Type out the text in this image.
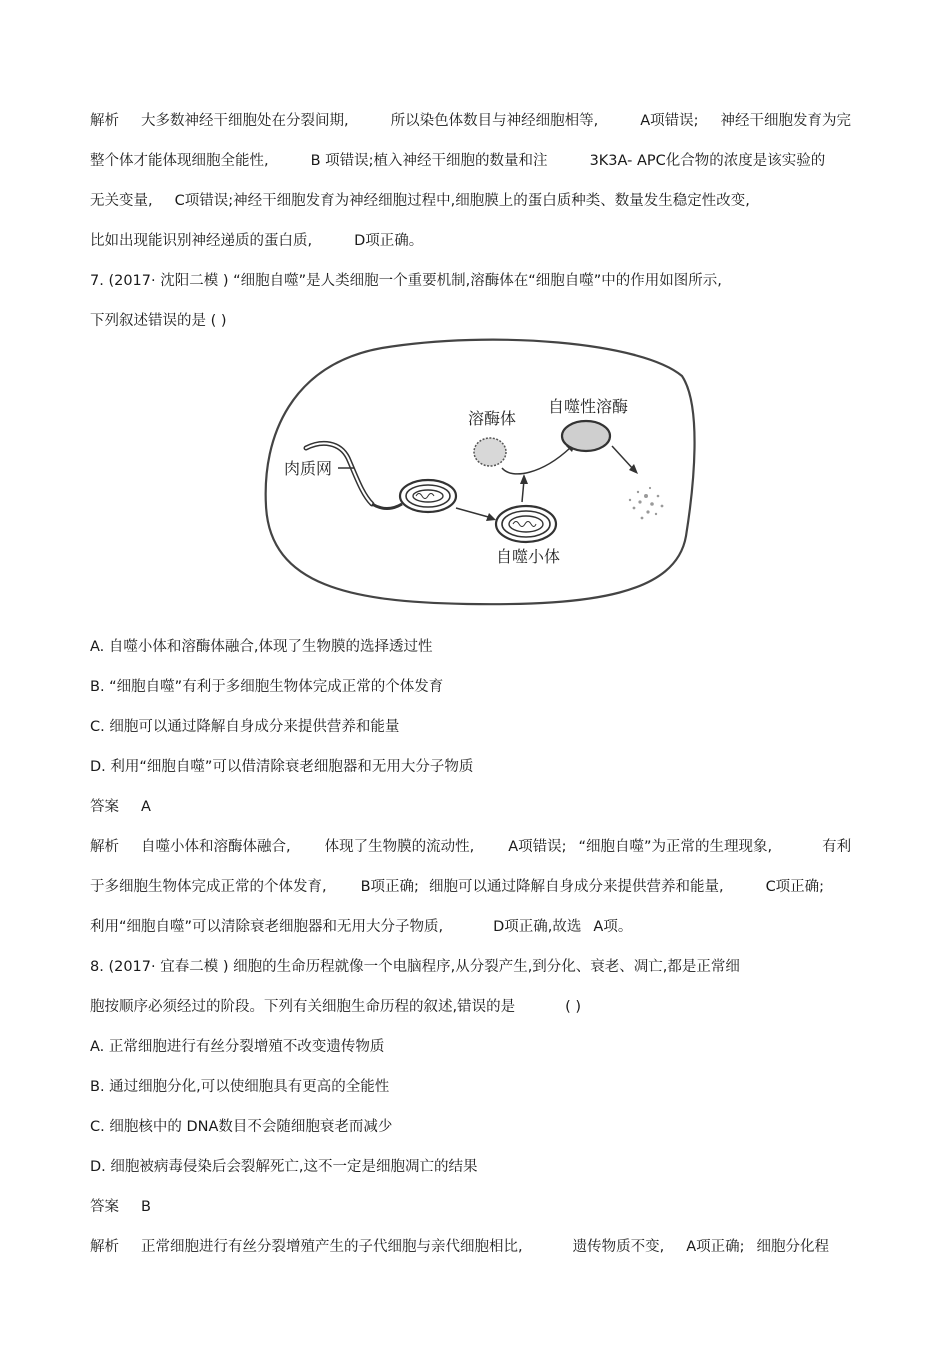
解析 大多数神经干细胞处在分裂间期,	所以染色体数目与神经细胞相等,	A项错误; 神经干细胞发育为完
整个体才能体现细胞全能性,	B 项错误;植入神经干细胞的数量和注	3K3A- APC化合物的浓度是该实验的
无关变量, C项错误;神经干细胞发育为神经细胞过程中,细胞膜上的蛋白质种类、数量发生稳定性改变,
比如出现能识别神经递质的蛋白质,	D项正确。
7. (2017· 沈阳二模 ) “细胞自噬”是人类细胞一个重要机制,溶酶体在“细胞自噬”中的作用如图所示,
下列叙述错误的是 ( )
溶酶体
自噬性溶酶
肉质网
自噬小体
A. 自噬小体和溶酶体融合,体现了生物膜的选择透过性
B. “细胞自噬”有利于多细胞生物体完成正常的个体发育
C. 细胞可以通过降解自身成分来提供营养和能量
D. 利用“细胞自噬”可以借清除衰老细胞器和无用大分子物质
答案 A
解析 自噬小体和溶酶体融合, 体现了生物膜的流动性, A项错误; “细胞自噬”为正常的生理现象,	有利
于多细胞生物体完成正常的个体发育, B项正确; 细胞可以通过降解自身成分来提供营养和能量,	C项正确;
利用“细胞自噬”可以清除衰老细胞器和无用大分子物质,	D项正确,故选 A项。
8. (2017· 宜春二模 ) 细胞的生命历程就像一个电脑程序,从分裂产生,到分化、衰老、凋亡,都是正常细
胞按顺序必须经过的阶段。下列有关细胞生命历程的叙述,错误的是	( )
A. 正常细胞进行有丝分裂增殖不改变遗传物质
B. 通过细胞分化,可以使细胞具有更高的全能性
C. 细胞核中的 DNA数目不会随细胞衰老而减少
D. 细胞被病毒侵染后会裂解死亡,这不一定是细胞凋亡的结果
答案 B
解析 正常细胞进行有丝分裂增殖产生的子代细胞与亲代细胞相比,	遗传物质不变, A项正确; 细胞分化程
